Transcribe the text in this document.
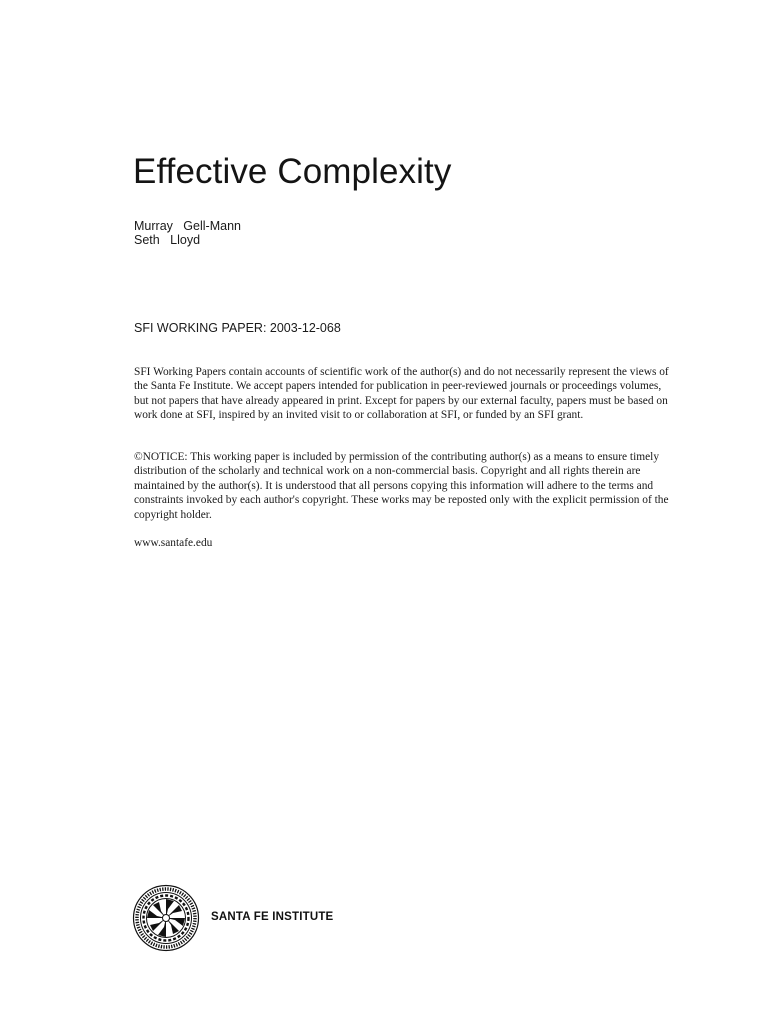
Effective Complexity
Murray   Gell-Mann
Seth   Lloyd
SFI WORKING PAPER: 2003-12-068

SFI Working Papers contain accounts of scientific work of the author(s) and do not necessarily represent the views of the Santa Fe Institute. We accept papers intended for publication in peer-reviewed journals or proceedings volumes, but not papers that have already appeared in print. Except for papers by our external faculty, papers must be based on work done at SFI, inspired by an invited visit to or collaboration at SFI, or funded by an SFI grant.

©NOTICE: This working paper is included by permission of the contributing author(s) as a means to ensure timely distribution of the scholarly and technical work on a non-commercial basis. Copyright and all rights therein are maintained by the author(s). It is understood that all persons copying this information will adhere to the terms and constraints invoked by each author's copyright. These works may be reposted only with the explicit permission of the copyright holder.

www.santafe.edu
SANTA FE INSTITUTE
